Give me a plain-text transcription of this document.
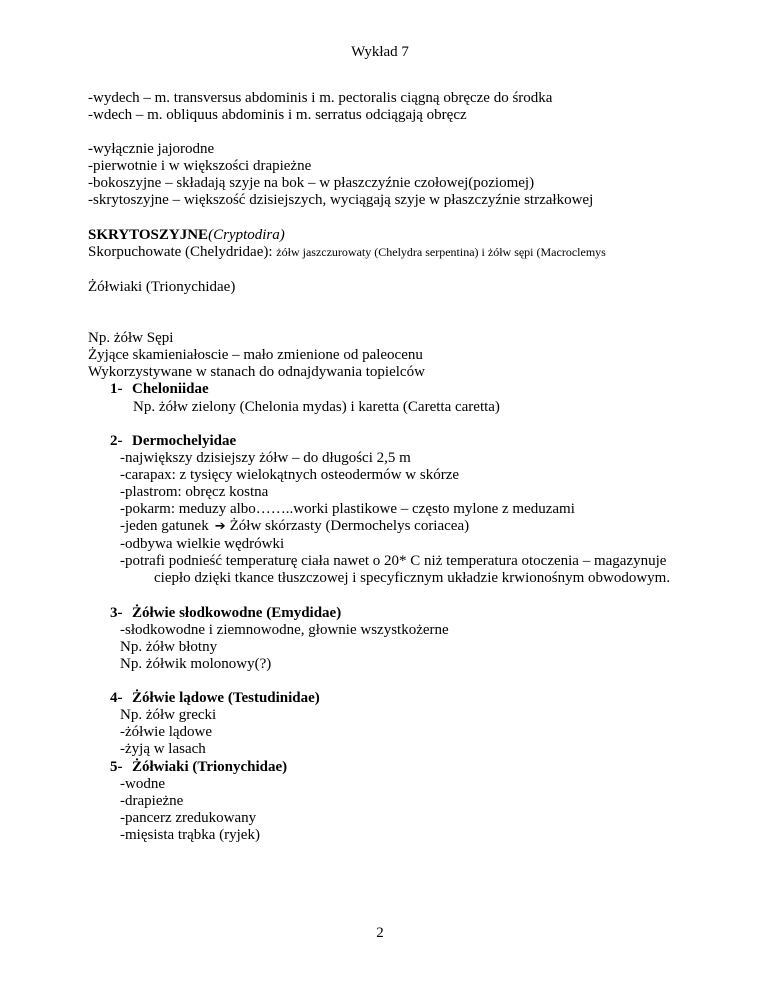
Wykład 7
-wydech – m. transversus abdominis i m. pectoralis ciągną obręcze do środka
-wdech – m. obliquus abdominis i m. serratus odciągają obręcz
-wyłącznie jajorodne
-pierwotnie i w większości drapieżne
-bokoszyjne – składają szyje na bok – w płaszczyźnie czołowej(poziomej)
-skrytoszyjne – większość dzisiejszych, wyciągają szyje w płaszczyźnie strzałkowej
SKRYTOSZYJNE(Cryptodira)
Skorpuchowate (Chelydridae): żółw jaszczurowaty (Chelydra serpentina) i żółw sępi (Macroclemys
Żółwiaki (Trionychidae)
Np. żółw Sępi
Żyjące skamieniałoscie – mało zmienione od paleocenu
Wykorzystywane w stanach do odnajdywania topielców
1- Cheloniidae
Np. żółw zielony (Chelonia mydas) i karetta (Caretta caretta)
2- Dermochelyidae
-największy dzisiejszy żółw – do długości 2,5 m
-carapax: z tysięcy wielokątnych osteodermów w skórze
-plastrom: obręcz kostna
-pokarm: meduzy albo……..worki plastikowe – często mylone z meduzami
-jeden gatunek ➔ Żółw skórzasty (Dermochelys coriacea)
-odbywa wielkie wędrówki
-potrafi podnieść temperaturę ciała nawet o 20* C niż temperatura otoczenia – magazynuje
ciepło dzięki tkance tłuszczowej i specyficznym układzie krwionośnym obwodowym.
3- Żółwie słodkowodne (Emydidae)
-słodkowodne i ziemnowodne, głownie wszystkożerne
Np. żółw błotny
Np. żółwik molonowy(?)
4- Żółwie lądowe (Testudinidae)
Np. żółw grecki
-żółwie lądowe
-żyją w lasach
5- Żółwiaki (Trionychidae)
-wodne
-drapieżne
-pancerz zredukowany
-mięsista trąbka (ryjek)
2
